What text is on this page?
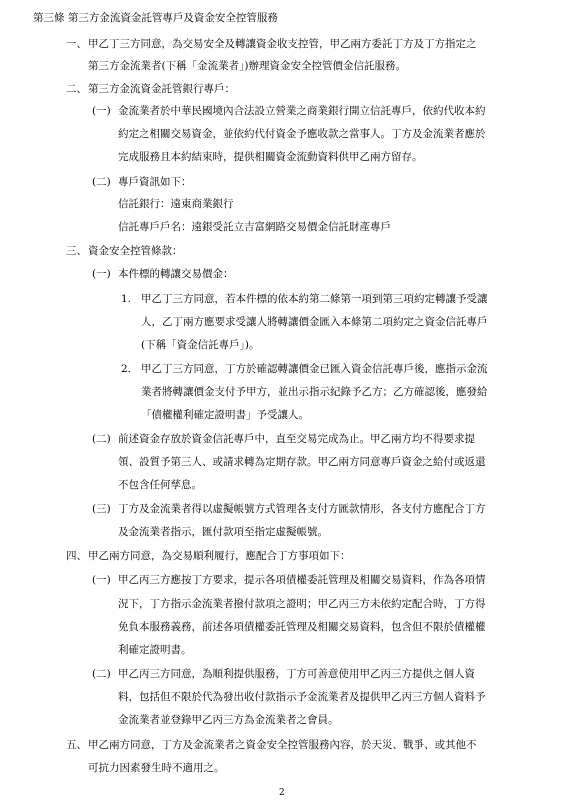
第三條 第三方金流資金託管專戶及資金安全控管服務
一、 甲乙丁三方同意，為交易安全及轉讓資金收支控管，甲乙兩方委託丁方及丁方指定之
第三方金流業者(下稱「金流業者」)辦理資金安全控管價金信託服務。
二、 第三方金流資金託管銀行專戶：
(一) 金流業者於中華民國境內合法設立營業之商業銀行開立信託專戶，依約代收本約
約定之相關交易資金，並依約代付資金予應收款之當事人。丁方及金流業者應於
完成服務且本約結束時，提供相關資金流動資料供甲乙兩方留存。
(二) 專戶資訊如下：
信託銀行：遠東商業銀行
信託專戶戶名：遠銀受託立吉富網路交易價金信託財產專戶
三、 資金安全控管條款：
(一) 本件標的轉讓交易價金：
1. 甲乙丁三方同意，若本件標的依本約第二條第一項到第三項約定轉讓予受讓
人，乙丁兩方應要求受讓人將轉讓價金匯入本條第二項約定之資金信託專戶
(下稱「資金信託專戶」)。
2. 甲乙丁三方同意，丁方於確認轉讓價金已匯入資金信託專戶後，應指示金流
業者將轉讓價金支付予甲方，並出示指示紀錄予乙方；乙方確認後，應發給
「債權權利確定證明書」予受讓人。
(二) 前述資金存放於資金信託專戶中，直至交易完成為止。甲乙兩方均不得要求提
領、設質予第三人、或請求轉為定期存款。甲乙兩方同意專戶資金之給付或返還
不包含任何孳息。
(三) 丁方及金流業者得以虛擬帳號方式管理各支付方匯款情形，各支付方應配合丁方
及金流業者指示，匯付款項至指定虛擬帳號。
四、 甲乙兩方同意，為交易順利履行，應配合丁方事項如下：
(一) 甲乙丙三方應按丁方要求，提示各項債權委託管理及相關交易資料，作為各項情
況下，丁方指示金流業者撥付款項之證明；甲乙丙三方未依約定配合時，丁方得
免負本服務義務，前述各項債權委託管理及相關交易資料，包含但不限於債權權
利確定證明書。
(二) 甲乙丙三方同意，為順利提供服務，丁方可善意使用甲乙丙三方提供之個人資
料，包括但不限於代為發出收付款指示予金流業者及提供甲乙丙三方個人資料予
金流業者並登錄甲乙丙三方為金流業者之會員。
五、 甲乙兩方同意，丁方及金流業者之資金安全控管服務內容，於天災、戰爭、或其他不
可抗力因素發生時不適用之。
2
